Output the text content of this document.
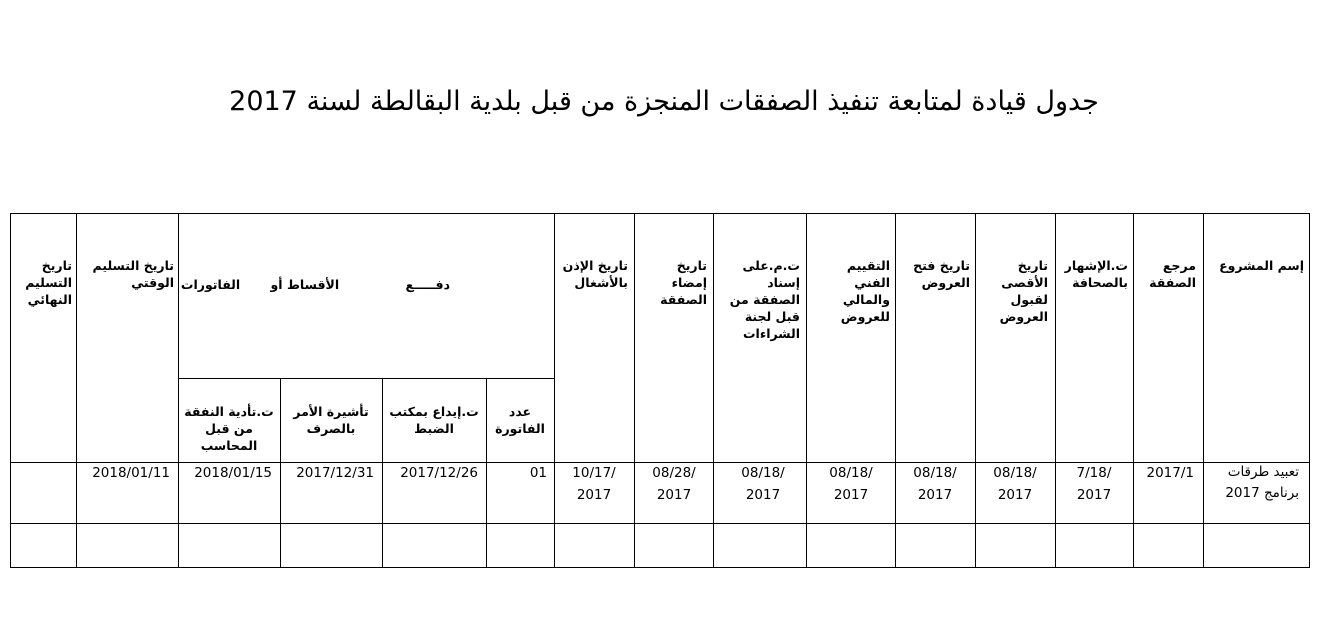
جدول قيادة لمتابعة تنفيذ الصفقات المنجزة من قبل بلدية البقالطة لسنة 2017
إسم المشروع
مرجع الصفقة
ت.الإشهار بالصحافة
تاريخ الأقصى لقبول العروض
تاريخ فتح العروض
التقييم الفني والمالي للعروض
ت.م.على إسناد الصفقة من قبل لجنة الشراءات
تاريخ إمضاء الصفقة
تاريخ الإذن بالأشغال
دفـــــع الأقساط أو الفاتورات
عدد الفاتورة
ت.إيداع بمكتب الضبط
تأشيرة الأمر بالصرف
ت.تأدية النفقة من قبل المحاسب
تاريخ التسليم الوقتي
تاريخ التسليم النهائي
تعبيد طرقات برنامج 2017
2017/1
/7/18 2017
/08/18 2017
/08/18 2017
/08/18 2017
/08/18 2017
/08/28 2017
/10/17 2017
01
2017/12/26
2017/12/31
2018/01/15
2018/01/11
